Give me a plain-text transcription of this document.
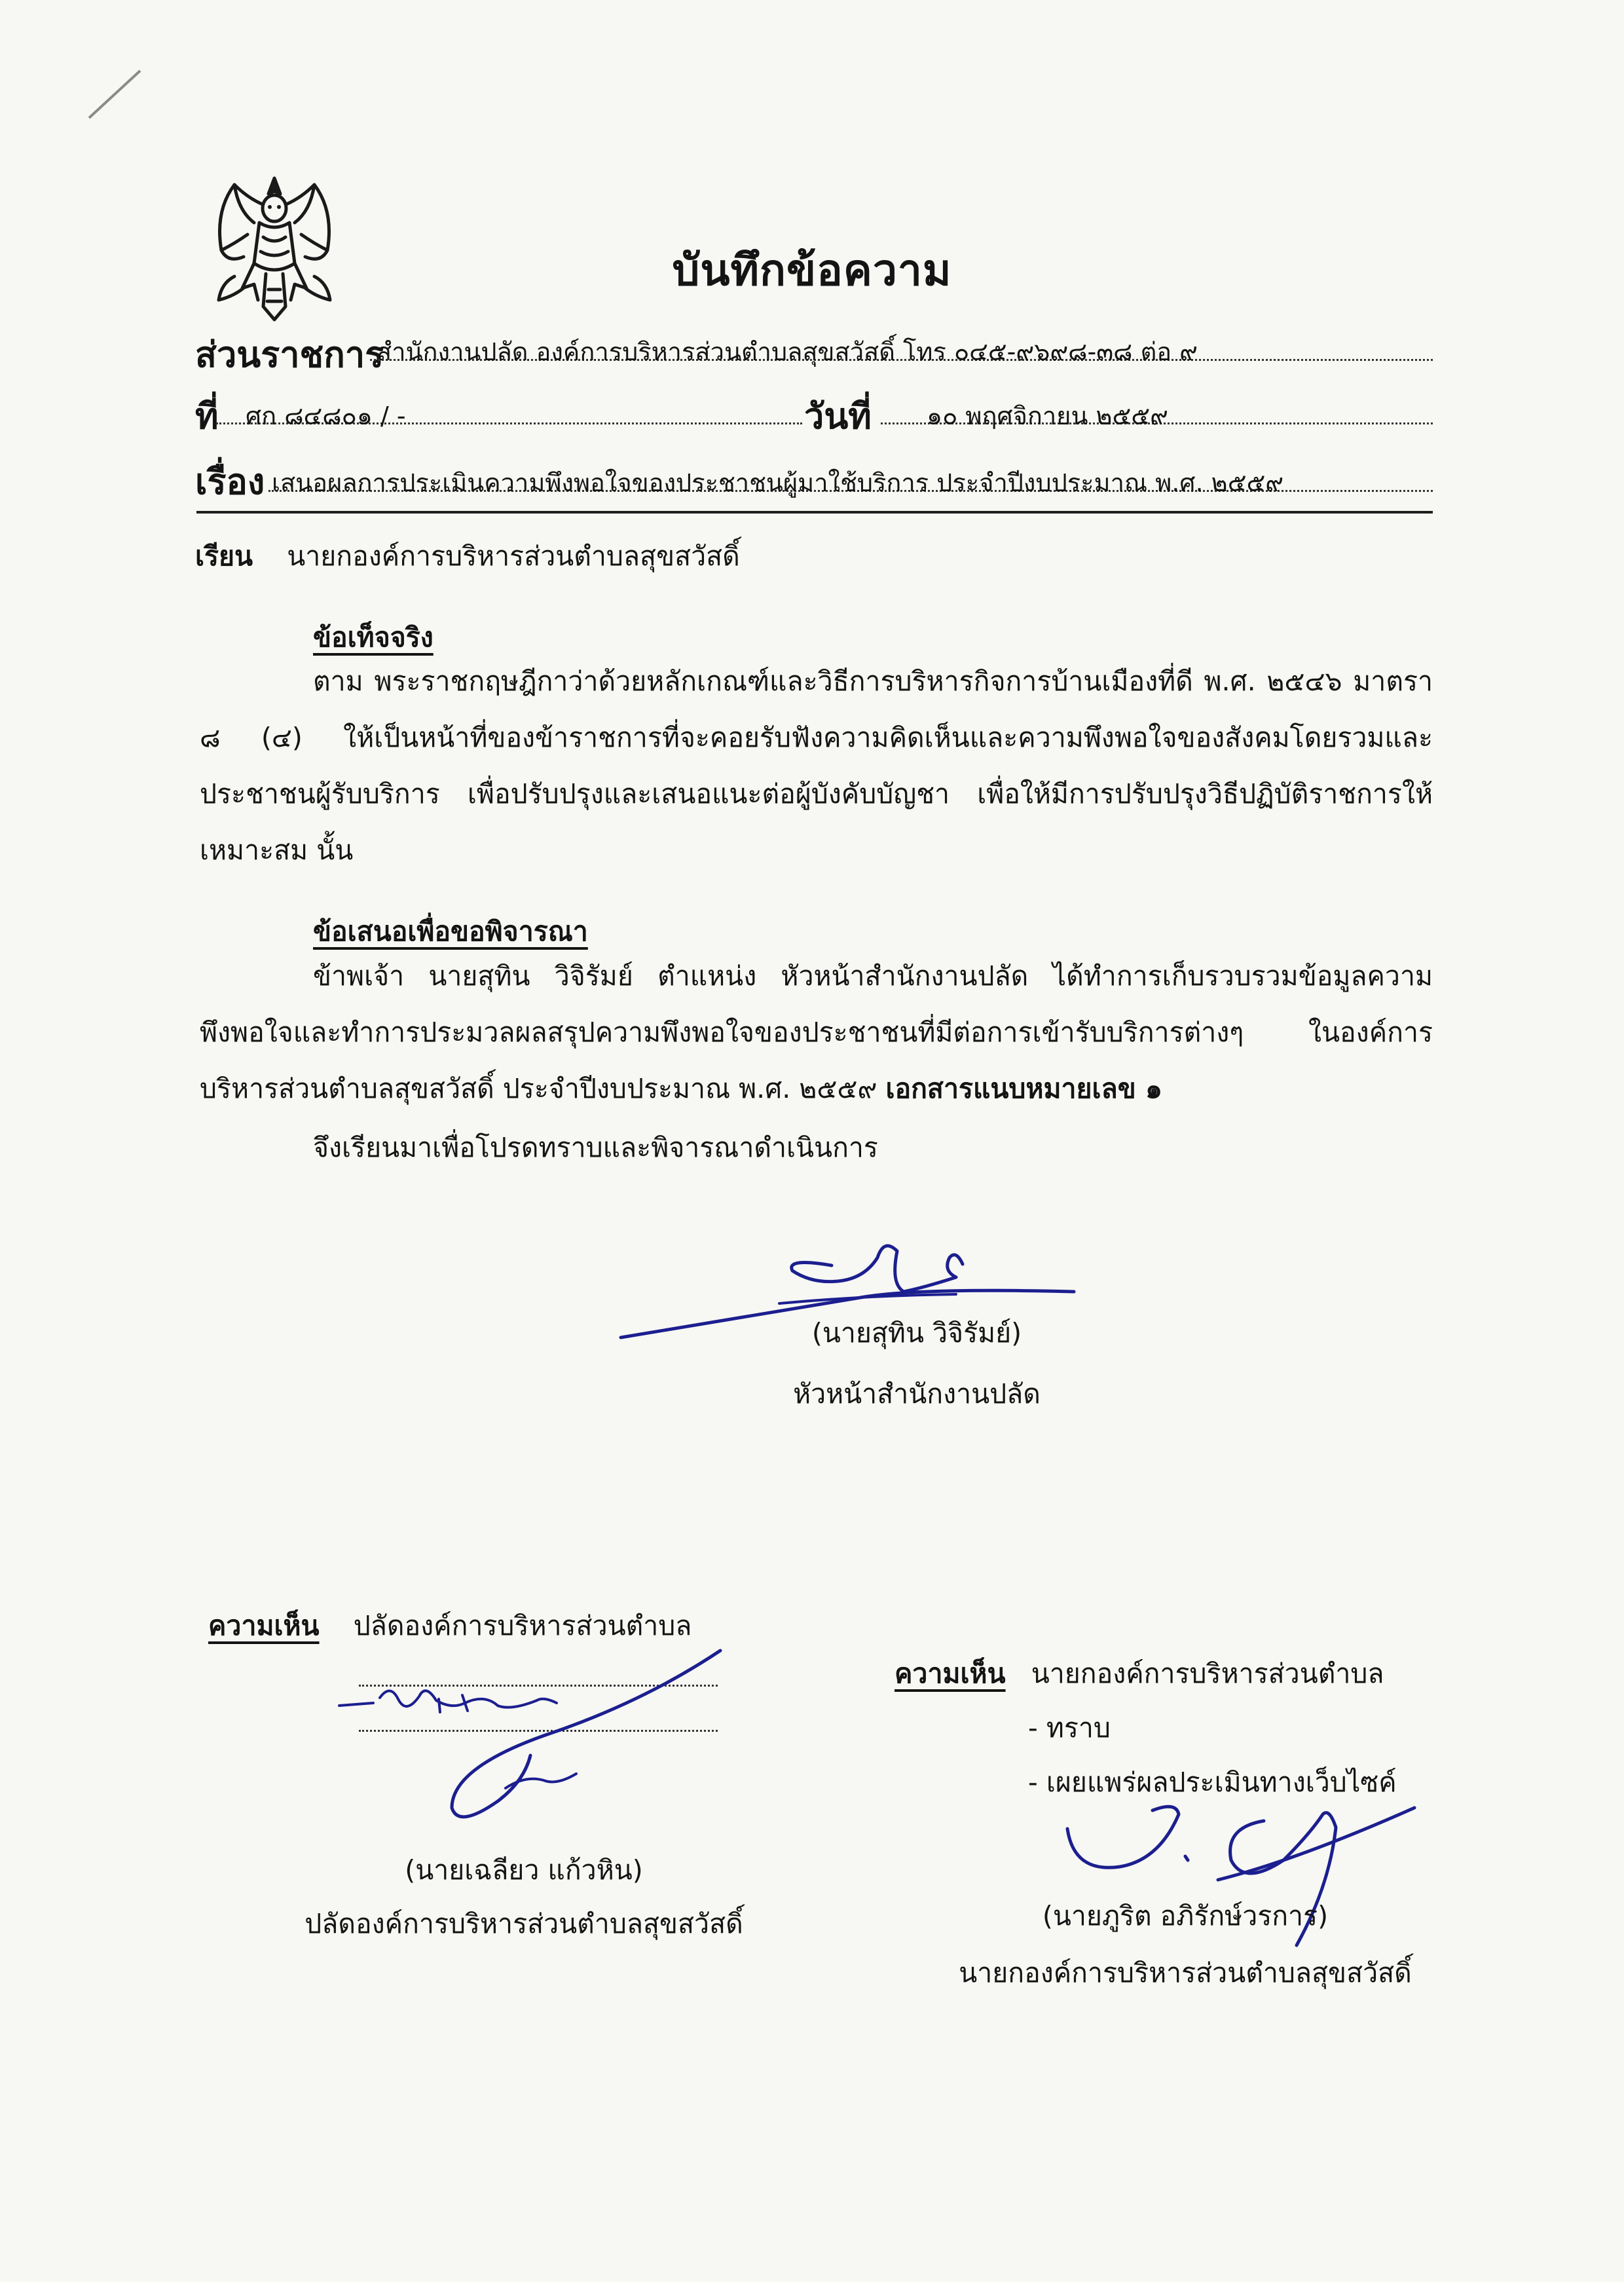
บันทึกข้อความ
ส่วนราชการ
สำนักงานปลัด องค์การบริหารส่วนตำบลสุขสวัสดิ์ โทร ๐๔๕-๙๖๙๘-๓๘ ต่อ ๙
ที่ ศก ๘๔๘๐๑ / -	วันที่ ๑๐ พฤศจิกายน ๒๕๕๙
เรื่อง เสนอผลการประเมินความพึงพอใจของประชาชนผู้มาใช้บริการ ประจำปีงบประมาณ พ.ศ. ๒๕๕๙
เรียน นายกองค์การบริหารส่วนตำบลสุขสวัสดิ์
ข้อเท็จจริง
ตาม พระราชกฤษฎีกาว่าด้วยหลักเกณฑ์และวิธีการบริหารกิจการบ้านเมืองที่ดี พ.ศ. ๒๕๔๖ มาตรา
๘ (๔) ให้เป็นหน้าที่ของข้าราชการที่จะคอยรับฟังความคิดเห็นและความพึงพอใจของสังคมโดยรวมและ
ประชาชนผู้รับบริการ เพื่อปรับปรุงและเสนอแนะต่อผู้บังคับบัญชา เพื่อให้มีการปรับปรุงวิธีปฏิบัติราชการให้
เหมาะสม นั้น
ข้อเสนอเพื่อขอพิจารณา
ข้าพเจ้า นายสุทิน วิจิรัมย์ ตำแหน่ง หัวหน้าสำนักงานปลัด ได้ทำการเก็บรวบรวมข้อมูลความ
พึงพอใจและทำการประมวลผลสรุปความพึงพอใจของประชาชนที่มีต่อการเข้ารับบริการต่างๆ ในองค์การ
บริหารส่วนตำบลสุขสวัสดิ์ ประจำปีงบประมาณ พ.ศ. ๒๕๕๙ เอกสารแนบหมายเลข ๑
จึงเรียนมาเพื่อโปรดทราบและพิจารณาดำเนินการ
(นายสุทิน วิจิรัมย์)
หัวหน้าสำนักงานปลัด
ความเห็น ปลัดองค์การบริหารส่วนตำบล
(นายเฉลียว แก้วหิน)
ปลัดองค์การบริหารส่วนตำบลสุขสวัสดิ์
ความเห็น นายกองค์การบริหารส่วนตำบล
- ทราบ
- เผยแพร่ผลประเมินทางเว็บไซค์
(นายภูริต อภิรักษ์วรการ)
นายกองค์การบริหารส่วนตำบลสุขสวัสดิ์
